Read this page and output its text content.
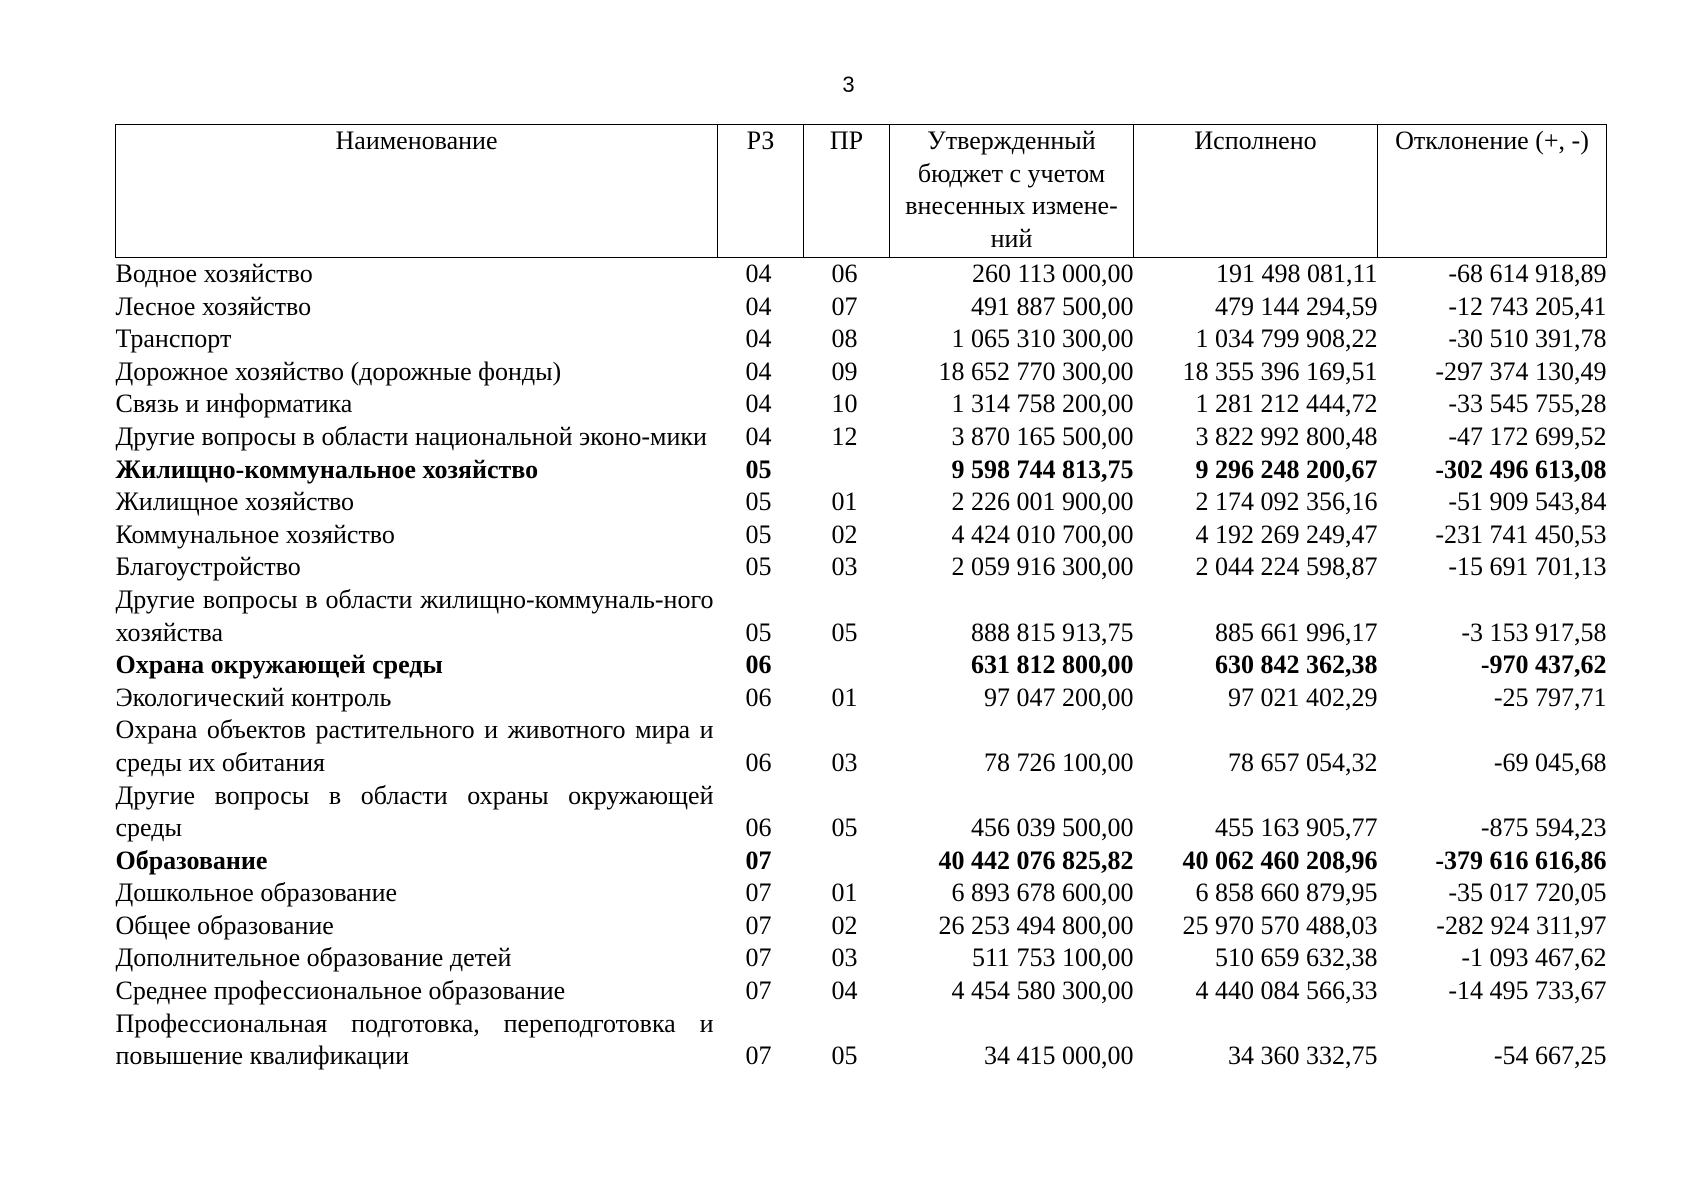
3
Наименование	РЗ	ПР	Утвержденный бюджет с учетом внесенных измене-ний	Исполнено	Отклонение (+, -)
Водное хозяйство	04	06	260 113 000,00	191 498 081,11	-68 614 918,89
Лесное хозяйство	04	07	491 887 500,00	479 144 294,59	-12 743 205,41
Транспорт	04	08	1 065 310 300,00	1 034 799 908,22	-30 510 391,78
Дорожное хозяйство (дорожные фонды)	04	09	18 652 770 300,00	18 355 396 169,51	-297 374 130,49
Связь и информатика	04	10	1 314 758 200,00	1 281 212 444,72	-33 545 755,28
Другие вопросы в области национальной эконо-мики	04	12	3 870 165 500,00	3 822 992 800,48	-47 172 699,52
Жилищно-коммунальное хозяйство	05		9 598 744 813,75	9 296 248 200,67	-302 496 613,08
Жилищное хозяйство	05	01	2 226 001 900,00	2 174 092 356,16	-51 909 543,84
Коммунальное хозяйство	05	02	4 424 010 700,00	4 192 269 249,47	-231 741 450,53
Благоустройство	05	03	2 059 916 300,00	2 044 224 598,87	-15 691 701,13
Другие вопросы в области жилищно-коммуналь-ного хозяйства	05	05	888 815 913,75	885 661 996,17	-3 153 917,58
Охрана окружающей среды	06		631 812 800,00	630 842 362,38	-970 437,62
Экологический контроль	06	01	97 047 200,00	97 021 402,29	-25 797,71
Охрана объектов растительного и животного мира и среды их обитания	06	03	78 726 100,00	78 657 054,32	-69 045,68
Другие вопросы в области охраны окружающей среды	06	05	456 039 500,00	455 163 905,77	-875 594,23
Образование	07		40 442 076 825,82	40 062 460 208,96	-379 616 616,86
Дошкольное образование	07	01	6 893 678 600,00	6 858 660 879,95	-35 017 720,05
Общее образование	07	02	26 253 494 800,00	25 970 570 488,03	-282 924 311,97
Дополнительное образование детей	07	03	511 753 100,00	510 659 632,38	-1 093 467,62
Среднее профессиональное образование	07	04	4 454 580 300,00	4 440 084 566,33	-14 495 733,67
Профессиональная подготовка, переподготовка и повышение квалификации	07	05	34 415 000,00	34 360 332,75	-54 667,25
